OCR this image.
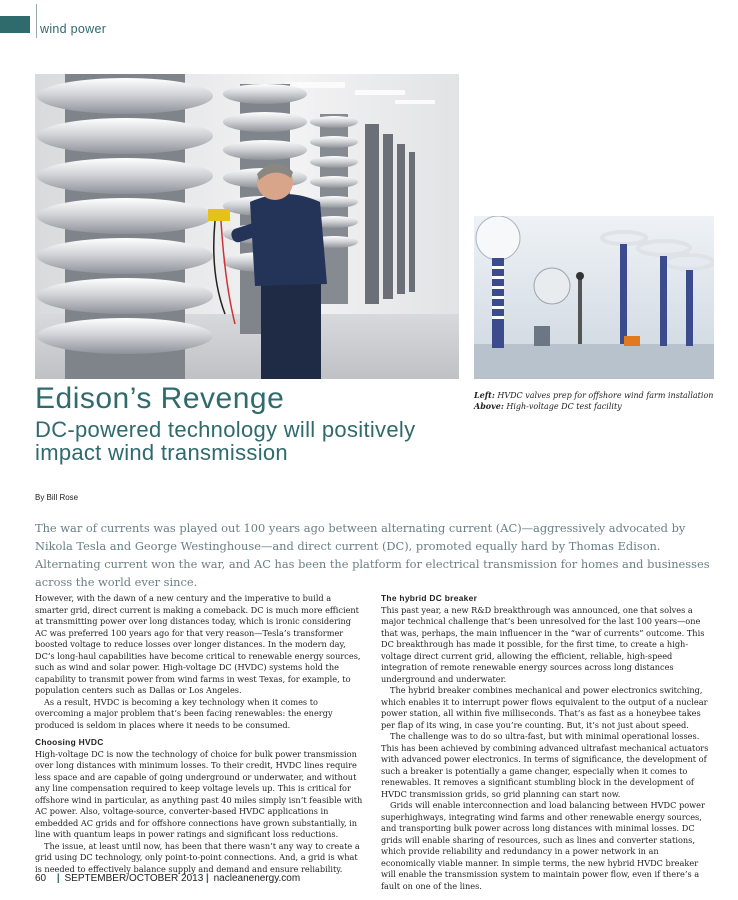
wind power
Edison’s Revenge
DC-powered technology will positively impact wind transmission
By Bill Rose
Left: HVDC valves prep for offshore wind farm installation
Above: High-voltage DC test facility
The war of currents was played out 100 years ago between alternating current (AC)—aggressively advocated by Nikola Tesla and George Westinghouse—and direct current (DC), promoted equally hard by Thomas Edison. Alternating current won the war, and AC has been the platform for electrical transmission for homes and businesses across the world ever since.

However, with the dawn of a new century and the imperative to build a smarter grid, direct current is making a comeback. DC is much more efficient at transmitting power over long distances today, which is ironic considering AC was preferred 100 years ago for that very reason—Tesla’s transformer boosted voltage to reduce losses over longer distances. In the modern day, DC’s long-haul capabilities have become critical to renewable energy sources, such as wind and solar power. High-voltage DC (HVDC) systems hold the capability to transmit power from wind farms in west Texas, for example, to population centers such as Dallas or Los Angeles.

As a result, HVDC is becoming a key technology when it comes to overcoming a major problem that’s been facing renewables: the energy produced is seldom in places where it needs to be consumed.

Choosing HVDC

High-voltage DC is now the technology of choice for bulk power transmission over long distances with minimum losses. To their credit, HVDC lines require less space and are capable of going underground or underwater, and without any line compensation required to keep voltage levels up. This is critical for offshore wind in particular, as anything past 40 miles simply isn’t feasible with AC power. Also, voltage-source, converter-based HVDC applications in embedded AC grids and for offshore connections have grown substantially, in line with quantum leaps in power ratings and significant loss reductions.

The issue, at least until now, has been that there wasn’t any way to create a grid using DC technology, only point-to-point connections. And, a grid is what is needed to effectively balance supply and demand and ensure reliability.

The hybrid DC breaker

This past year, a new R&D breakthrough was announced, one that solves a major technical challenge that’s been unresolved for the last 100 years—one that was, perhaps, the main influencer in the “war of currents” outcome. This DC breakthrough has made it possible, for the first time, to create a high-voltage direct current grid, allowing the efficient, reliable, high-speed integration of remote renewable energy sources across long distances underground and underwater.

The hybrid breaker combines mechanical and power electronics switching, which enables it to interrupt power flows equivalent to the output of a nuclear power station, all within five milliseconds. That’s as fast as a honeybee takes per flap of its wing, in case you’re counting. But, it’s not just about speed.

The challenge was to do so ultra-fast, but with minimal operational losses. This has been achieved by combining advanced ultrafast mechanical actuators with advanced power electronics. In terms of significance, the development of such a breaker is potentially a game changer, especially when it comes to renewables. It removes a significant stumbling block in the development of HVDC transmission grids, so grid planning can start now.

Grids will enable interconnection and load balancing between HVDC power superhighways, integrating wind farms and other renewable energy sources, and transporting bulk power across long distances with minimal losses. DC grids will enable sharing of resources, such as lines and converter stations, which provide reliability and redundancy in a power network in an economically viable manner. In simple terms, the new hybrid HVDC breaker will enable the transmission system to maintain power flow, even if there’s a fault on one of the lines.

60 | SEPTEMBER/OCTOBER 2013 | nacleanenergy.com
